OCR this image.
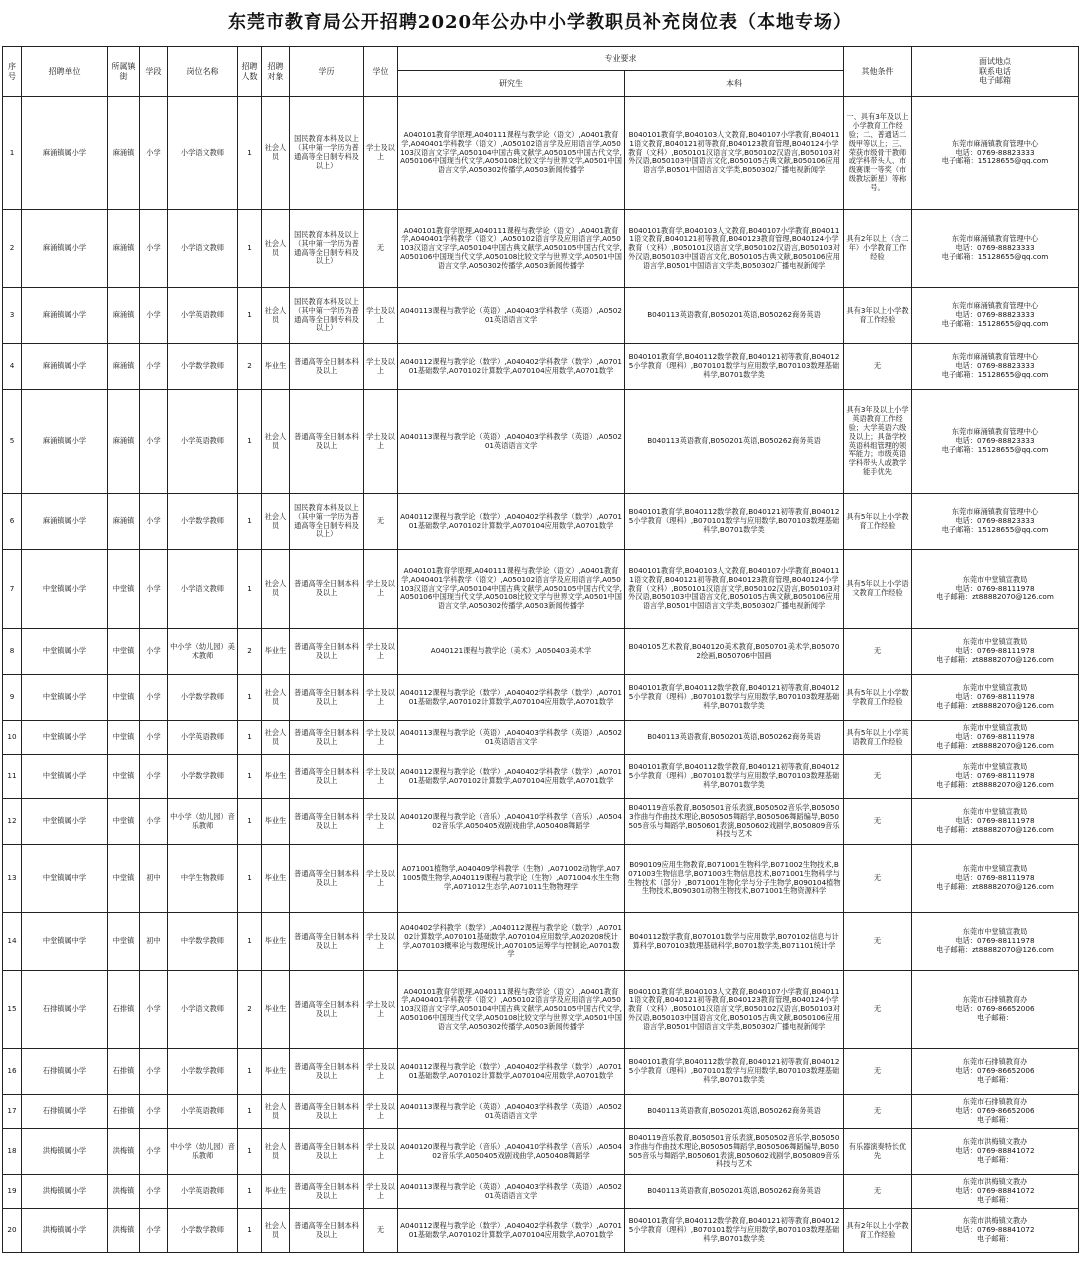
东莞市教育局公开招聘2020年公办中小学教职员补充岗位表（本地专场）
序号	招聘单位	所属镇街	学段	岗位名称	招聘人数	招聘对象	学历	学位	专业要求		其他条件	面试地点
联系电话
电子邮箱
									研究生	本科		
1	麻涌镇属小学	麻涌镇	小学	小学语文教师	1	社会人员	国民教育本科及以上（其中第一学历为普通高等全日制专科及以上）	学士及以上	A040101教育学原理,A040111课程与教学论（语文）,A0401教育学,A040401学科教学（语文）,A050102语言学及应用语言学,A050103汉语言文字学,A050104中国古典文献学,A050105中国古代文学,A050106中国现当代文学,A050108比较文学与世界文学,A0501中国语言文学,A050302传播学,A0503新闻传播学	B040101教育学,B040103人文教育,B040107小学教育,B040111语文教育,B040121初等教育,B040123教育管理,B040124小学教育（文科）,B050101汉语言文学,B050102汉语言,B050103对外汉语,B050103中国语言文化,B050105古典文献,B050106应用语言学,B0501中国语言文学类,B050302广播电视新闻学	一、具有3年及以上小学教育工作经验；二、普通话二级甲等以上；三、荣获市级骨干教师或学科带头人、市级赛课一等奖（市级教坛新星）等称号。	东莞市麻涌镇教育管理中心
电话：0769-88823333
电子邮箱：15128655@qq.com
2	麻涌镇属小学	麻涌镇	小学	小学语文教师	1	社会人员	国民教育本科及以上（其中第一学历为普通高等全日制专科及以上）	无	A040101教育学原理,A040111课程与教学论（语文）,A0401教育学,A040401学科教学（语文）,A050102语言学及应用语言学,A050103汉语言文字学,A050104中国古典文献学,A050105中国古代文学,A050106中国现当代文学,A050108比较文学与世界文学,A0501中国语言文学,A050302传播学,A0503新闻传播学	B040101教育学,B040103人文教育,B040107小学教育,B040111语文教育,B040121初等教育,B040123教育管理,B040124小学教育（文科）,B050101汉语言文学,B050102汉语言,B050103对外汉语,B050103中国语言文化,B050105古典文献,B050106应用语言学,B0501中国语言文学类,B050302广播电视新闻学	具有2年以上（含二年）小学教育工作经验	东莞市麻涌镇教育管理中心
电话：0769-88823333
电子邮箱：15128655@qq.com
3	麻涌镇属小学	麻涌镇	小学	小学英语教师	1	社会人员	国民教育本科及以上（其中第一学历为普通高等全日制专科及以上）	学士及以上	A040113课程与教学论（英语）,A040403学科教学（英语）,A050201英语语言文学	B040113英语教育,B050201英语,B050262商务英语	具有3年以上小学教育工作经验	东莞市麻涌镇教育管理中心
电话：0769-88823333
电子邮箱：15128655@qq.com
4	麻涌镇属小学	麻涌镇	小学	小学数学教师	2	毕业生	普通高等全日制本科及以上	学士及以上	A040112课程与教学论（数学）,A040402学科教学（数学）,A070101基础数学,A070102计算数学,A070104应用数学,A0701数学	B040101教育学,B040112数学教育,B040121初等教育,B040125小学教育（理科）,B070101数学与应用数学,B070103数理基础科学,B0701数学类	无	东莞市麻涌镇教育管理中心
电话：0769-88823333
电子邮箱：15128655@qq.com
5	麻涌镇属小学	麻涌镇	小学	小学英语教师	1	社会人员	普通高等全日制本科及以上	学士及以上	A040113课程与教学论（英语）,A040403学科教学（英语）,A050201英语语言文学	B040113英语教育,B050201英语,B050262商务英语	具有3年及以上小学英语教育工作经验；大学英语六级及以上；具备学校英语科组管理的领军能力；市级英语学科带头人或教学能手优先	东莞市麻涌镇教育管理中心
电话：0769-88823333
电子邮箱：15128655@qq.com
6	麻涌镇属小学	麻涌镇	小学	小学数学教师	1	社会人员	国民教育本科及以上（其中第一学历为普通高等全日制专科及以上）	无	A040112课程与教学论（数学）,A040402学科教学（数学）,A070101基础数学,A070102计算数学,A070104应用数学,A0701数学	B040101教育学,B040112数学教育,B040121初等教育,B040125小学教育（理科）,B070101数学与应用数学,B070103数理基础科学,B0701数学类	具有5年以上小学教育工作经验	东莞市麻涌镇教育管理中心
电话：0769-88823333
电子邮箱：15128655@qq.com
7	中堂镇属小学	中堂镇	小学	小学语文教师	1	社会人员	普通高等全日制本科及以上	学士及以上	A040101教育学原理,A040111课程与教学论（语文）,A0401教育学,A040401学科教学（语文）,A050102语言学及应用语言学,A050103汉语言文字学,A050104中国古典文献学,A050105中国古代文学,A050106中国现当代文学,A050108比较文学与世界文学,A0501中国语言文学,A050302传播学,A0503新闻传播学	B040101教育学,B040103人文教育,B040107小学教育,B040111语文教育,B040121初等教育,B040123教育管理,B040124小学教育（文科）,B050101汉语言文学,B050102汉语言,B050103对外汉语,B050103中国语言文化,B050105古典文献,B050106应用语言学,B0501中国语言文学类,B050302广播电视新闻学	具有5年以上小学语文教育工作经验	东莞市中堂镇宣教局
电话：0769-88111978
电子邮箱：zt88882070@126.com
8	中堂镇属小学	中堂镇	小学	中小学（幼儿园）美术教师	2	毕业生	普通高等全日制本科及以上	学士及以上	A040121课程与教学论（美术）,A050403美术学	B040105艺术教育,B040120美术教育,B050701美术学,B050702绘画,B050706中国画	无	东莞市中堂镇宣教局
电话：0769-88111978
电子邮箱：zt88882070@126.com
9	中堂镇属小学	中堂镇	小学	小学数学教师	1	社会人员	普通高等全日制本科及以上	学士及以上	A040112课程与教学论（数学）,A040402学科教学（数学）,A070101基础数学,A070102计算数学,A070104应用数学,A0701数学	B040101教育学,B040112数学教育,B040121初等教育,B040125小学教育（理科）,B070101数学与应用数学,B070103数理基础科学,B0701数学类	具有5年以上小学数学教育工作经验	东莞市中堂镇宣教局
电话：0769-88111978
电子邮箱：zt88882070@126.com
10	中堂镇属小学	中堂镇	小学	小学英语教师	1	社会人员	普通高等全日制本科及以上	学士及以上	A040113课程与教学论（英语）,A040403学科教学（英语）,A050201英语语言文学	B040113英语教育,B050201英语,B050262商务英语	具有5年以上小学英语教育工作经验	东莞市中堂镇宣教局
电话：0769-88111978
电子邮箱：zt88882070@126.com
11	中堂镇属小学	中堂镇	小学	小学数学教师	1	毕业生	普通高等全日制本科及以上	学士及以上	A040112课程与教学论（数学）,A040402学科教学（数学）,A070101基础数学,A070102计算数学,A070104应用数学,A0701数学	B040101教育学,B040112数学教育,B040121初等教育,B040125小学教育（理科）,B070101数学与应用数学,B070103数理基础科学,B0701数学类	无	东莞市中堂镇宣教局
电话：0769-88111978
电子邮箱：zt88882070@126.com
12	中堂镇属小学	中堂镇	小学	中小学（幼儿园）音乐教师	1	毕业生	普通高等全日制本科及以上	学士及以上	A040120课程与教学论（音乐）,A040410学科教学（音乐）,A050402音乐学,A050405戏剧戏曲学,A050408舞蹈学	B040119音乐教育,B050501音乐表演,B050502音乐学,B050503作曲与作曲技术理论,B050505舞蹈学,B050506舞蹈编导,B050505音乐与舞蹈学,B050601表演,B050602戏剧学,B050809音乐科技与艺术	无	东莞市中堂镇宣教局
电话：0769-88111978
电子邮箱：zt88882070@126.com
13	中堂镇属中学	中堂镇	初中	中学生物教师	1	毕业生	普通高等全日制本科及以上	学士及以上	A071001植物学,A040409学科教学（生物）,A071002动物学,A071005微生物学,A040119课程与教学论（生物）,A071004水生生物学,A071012生态学,A071011生物物理学	B090109应用生物教育,B071001生物科学,B071002生物技术,B071003生物信息学,B071003生物信息技术,B071001生物科学与生物技术（部分）,B071001生物化学与分子生物学,B090104植物生物技术,B090301动物生物技术,B071001生物资源科学	无	东莞市中堂镇宣教局
电话：0769-88111978
电子邮箱：zt88882070@126.com
14	中堂镇属中学	中堂镇	初中	中学数学教师	1	毕业生	普通高等全日制本科及以上	学士及以上	A040402学科教学（数学）,A040112课程与教学论（数学）,A070102计算数学,A070101基础数学,A070104应用数学,A020208统计学,A070103概率论与数理统计,A070105运筹学与控制论,A0701数学	B040112数学教育,B070101数学与应用数学,B070102信息与计算科学,B070103数理基础科学,B0701数学类,B071101统计学	无	东莞市中堂镇宣教局
电话：0769-88111978
电子邮箱：zt88882070@126.com
15	石排镇属小学	石排镇	小学	小学语文教师	2	毕业生	普通高等全日制本科及以上	学士及以上	A040101教育学原理,A040111课程与教学论（语文）,A0401教育学,A040401学科教学（语文）,A050102语言学及应用语言学,A050103汉语言文字学,A050104中国古典文献学,A050105中国古代文学,A050106中国现当代文学,A050108比较文学与世界文学,A0501中国语言文学,A050302传播学,A0503新闻传播学	B040101教育学,B040103人文教育,B040107小学教育,B040111语文教育,B040121初等教育,B040123教育管理,B040124小学教育（文科）,B050101汉语言文学,B050102汉语言,B050103对外汉语,B050103中国语言文化,B050105古典文献,B050106应用语言学,B0501中国语言文学类,B050302广播电视新闻学	无	东莞市石排镇教育办
电话：0769-86652006
电子邮箱：
16	石排镇属小学	石排镇	小学	小学数学教师	1	毕业生	普通高等全日制本科及以上	学士及以上	A040112课程与教学论（数学）,A040402学科教学（数学）,A070101基础数学,A070102计算数学,A070104应用数学,A0701数学	B040101教育学,B040112数学教育,B040121初等教育,B040125小学教育（理科）,B070101数学与应用数学,B070103数理基础科学,B0701数学类	无	东莞市石排镇教育办
电话：0769-86652006
电子邮箱：
17	石排镇属小学	石排镇	小学	小学英语教师	1	社会人员	普通高等全日制本科及以上	学士及以上	A040113课程与教学论（英语）,A040403学科教学（英语）,A050201英语语言文学	B040113英语教育,B050201英语,B050262商务英语	无	东莞市石排镇教育办
电话：0769-86652006
电子邮箱：
18	洪梅镇属小学	洪梅镇	小学	中小学（幼儿园）音乐教师	1	社会人员	普通高等全日制本科及以上	学士及以上	A040120课程与教学论（音乐）,A040410学科教学（音乐）,A050402音乐学,A050405戏剧戏曲学,A050408舞蹈学	B040119音乐教育,B050501音乐表演,B050502音乐学,B050503作曲与作曲技术理论,B050505舞蹈学,B050506舞蹈编导,B050505音乐与舞蹈学,B050601表演,B050602戏剧学,B050809音乐科技与艺术	有乐器演奏特长优先	东莞市洪梅镇文教办
电话：0769-88841072
电子邮箱：
19	洪梅镇属小学	洪梅镇	小学	小学英语教师	1	毕业生	普通高等全日制本科及以上	学士及以上	A040113课程与教学论（英语）,A040403学科教学（英语）,A050201英语语言文学	B040113英语教育,B050201英语,B050262商务英语	无	东莞市洪梅镇文教办
电话：0769-88841072
电子邮箱：
20	洪梅镇属小学	洪梅镇	小学	小学数学教师	1	社会人员	普通高等全日制本科及以上	无	A040112课程与教学论（数学）,A040402学科教学（数学）,A070101基础数学,A070102计算数学,A070104应用数学,A0701数学	B040101教育学,B040112数学教育,B040121初等教育,B040125小学教育（理科）,B070101数学与应用数学,B070103数理基础科学,B0701数学类	具有2年以上小学教育工作经验	东莞市洪梅镇文教办
电话：0769-88841072
电子邮箱：
